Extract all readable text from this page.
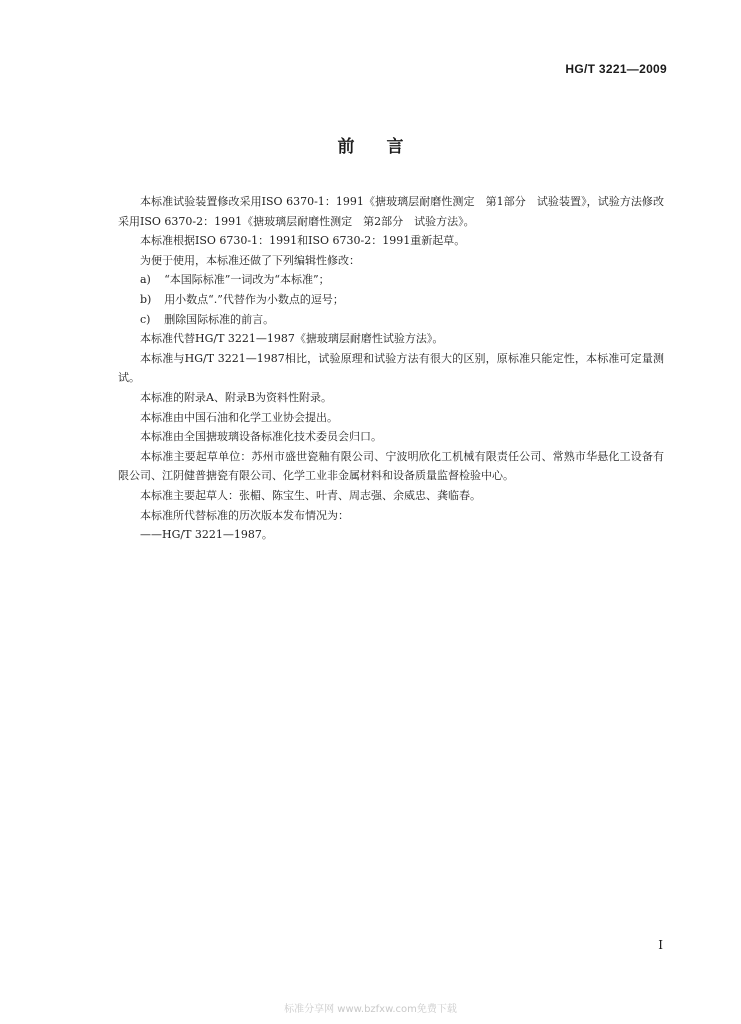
HG/T 3221—2009
前言

本标准试验装置修改采用ISO 6370-1：1991《搪玻璃层耐磨性测定　第1部分　试验装置》，试验方法修改采用ISO 6370-2：1991《搪玻璃层耐磨性测定　第2部分　试验方法》。

本标准根据ISO 6730-1：1991和ISO 6730-2：1991重新起草。

为便于使用，本标准还做了下列编辑性修改：

a) “本国际标准”一词改为“本标准”；

b) 用小数点“.”代替作为小数点的逗号；

c) 删除国际标准的前言。

本标准代替HG/T 3221—1987《搪玻璃层耐磨性试验方法》。

本标准与HG/T 3221—1987相比，试验原理和试验方法有很大的区别，原标准只能定性，本标准可定量测试。

本标准的附录A、附录B为资料性附录。

本标准由中国石油和化学工业协会提出。

本标准由全国搪玻璃设备标准化技术委员会归口。

本标准主要起草单位：苏州市盛世瓷釉有限公司、宁波明欣化工机械有限责任公司、常熟市华悬化工设备有限公司、江阴健普搪瓷有限公司、化学工业非金属材料和设备质量监督检验中心。

本标准主要起草人：张楣、陈宝生、叶青、周志强、余威忠、龚临春。

本标准所代替标准的历次版本发布情况为：

——HG/T 3221—1987。

I
标准分享网 www.bzfxw.com免费下载
